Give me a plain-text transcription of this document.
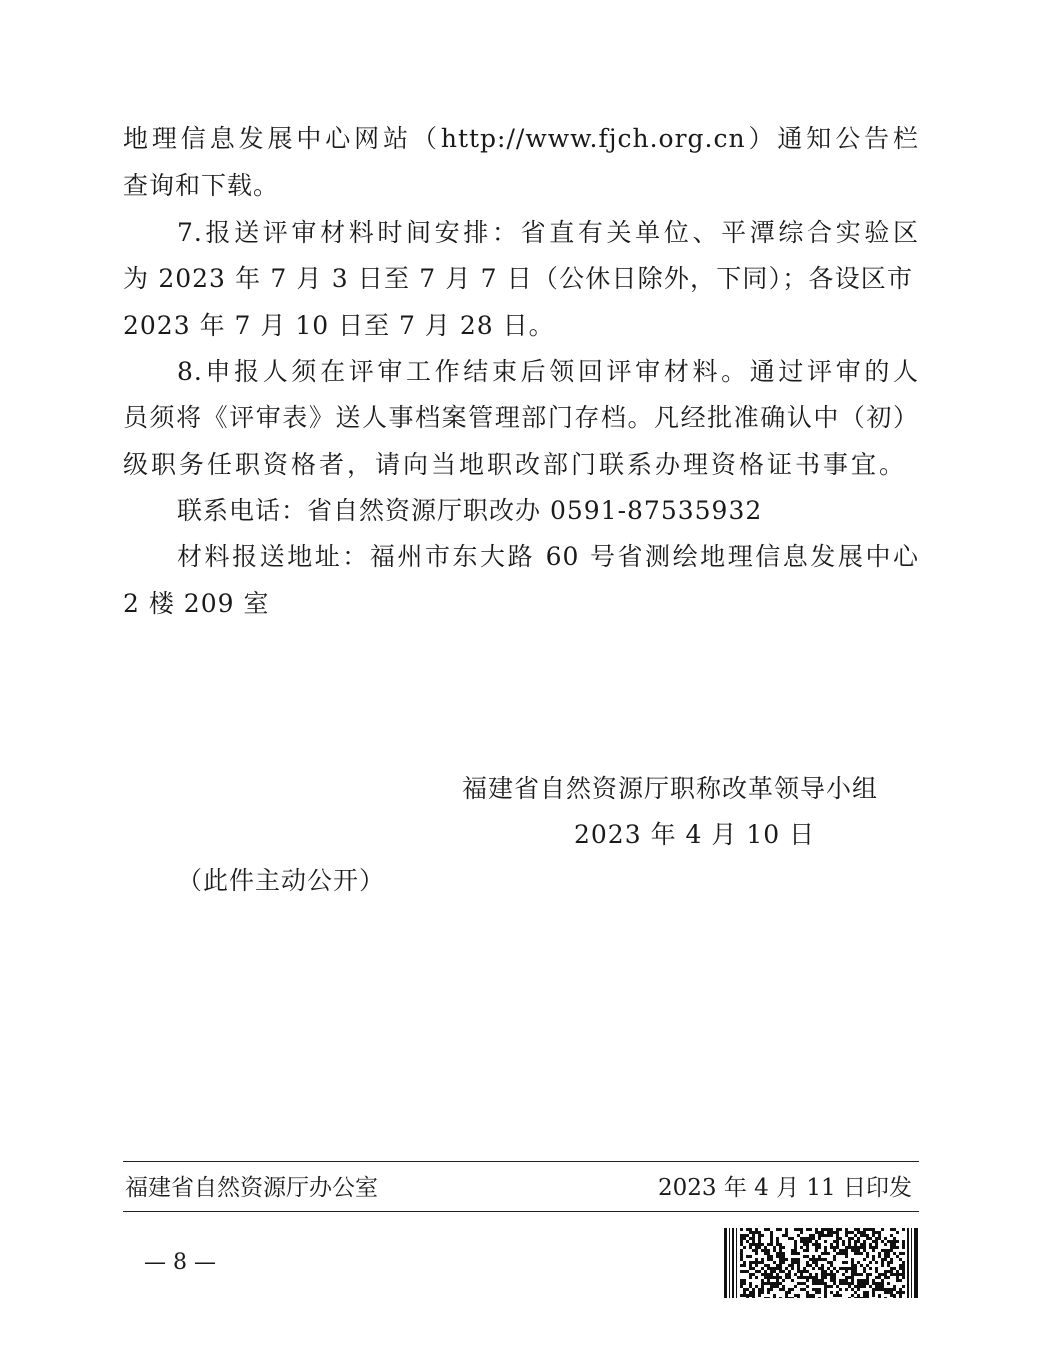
地理信息发展中心网站（http://www.fjch.org.cn）通知公告栏
查询和下载。
7.报送评审材料时间安排：省直有关单位、平潭综合实验区
为 2023 年 7 月 3 日至 7 月 7 日（公休日除外，下同）；各设区市
2023 年 7 月 10 日至 7 月 28 日。
8.申报人须在评审工作结束后领回评审材料。通过评审的人
员须将《评审表》送人事档案管理部门存档。凡经批准确认中（初）
级职务任职资格者，请向当地职改部门联系办理资格证书事宜。
联系电话：省自然资源厅职改办 0591-87535932
材料报送地址：福州市东大路 60 号省测绘地理信息发展中心
2 楼 209 室
福建省自然资源厅职称改革领导小组
2023 年 4 月 10 日
（此件主动公开）
福建省自然资源厅办公室	2023 年 4 月 11 日印发
— 8 —
